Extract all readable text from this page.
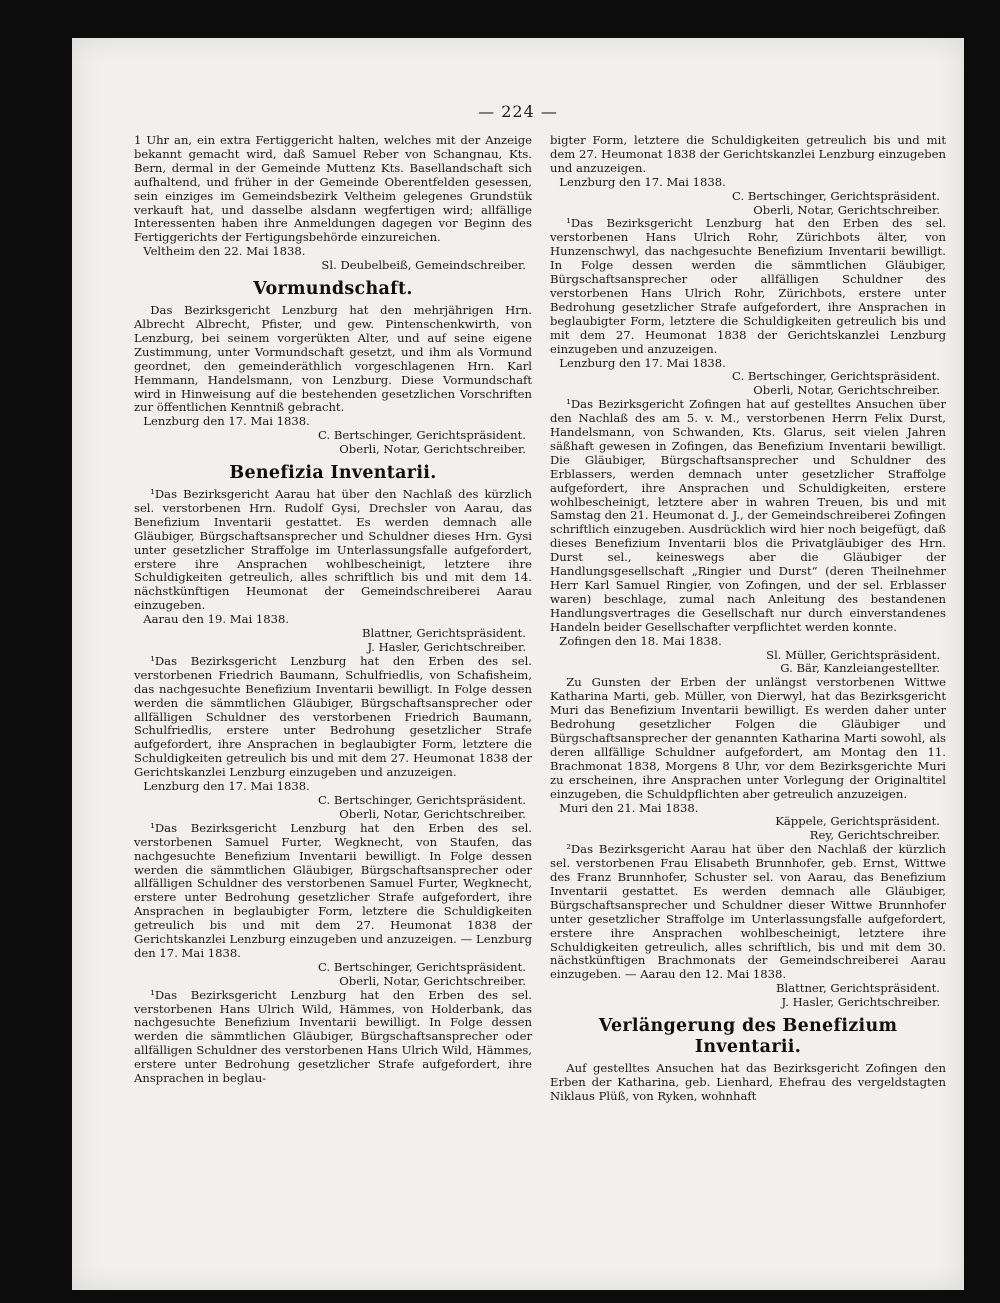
— 224 —

1 Uhr an, ein extra Fertiggericht halten, welches mit der Anzeige bekannt gemacht wird, daß Samuel Reber von Schangnau, Kts. Bern, dermal in der Gemeinde Muttenz Kts. Basellandschaft sich aufhaltend, und früher in der Gemeinde Oberentfelden gesessen, sein einziges im Gemeindsbezirk Veltheim gelegenes Grundstük verkauft hat, und dasselbe alsdann wegfertigen wird; allfällige Interessenten haben ihre Anmeldungen dagegen vor Beginn des Fertiggerichts der Fertigungsbehörde einzureichen.

Veltheim den 22. Mai 1838.

Sl. Deubelbeiß, Gemeindschreiber.

Vormundschaft.

Das Bezirksgericht Lenzburg hat den mehrjährigen Hrn. Albrecht Albrecht, Pfister, und gew. Pintenschenkwirth, von Lenzburg, bei seinem vorgerükten Alter, und auf seine eigene Zustimmung, unter Vormundschaft gesetzt, und ihm als Vormund geordnet, den gemeinderäthlich vorgeschlagenen Hrn. Karl Hemmann, Handelsmann, von Lenzburg. Diese Vormundschaft wird in Hinweisung auf die bestehenden gesetzlichen Vorschriften zur öffentlichen Kenntniß gebracht.

Lenzburg den 17. Mai 1838.

C. Bertschinger, Gerichtspräsident.

Oberli, Notar, Gerichtschreiber.

Benefizia Inventarii.

¹Das Bezirksgericht Aarau hat über den Nachlaß des kürzlich sel. verstorbenen Hrn. Rudolf Gysi, Drechsler von Aarau, das Benefizium Inventarii gestattet. Es werden demnach alle Gläubiger, Bürgschaftsansprecher und Schuldner dieses Hrn. Gysi unter gesetzlicher Straffolge im Unterlassungsfalle aufgefordert, erstere ihre Ansprachen wohlbescheinigt, letztere ihre Schuldigkeiten getreulich, alles schriftlich bis und mit dem 14. nächstkünftigen Heumonat der Gemeindschreiberei Aarau einzugeben.

Aarau den 19. Mai 1838.

Blattner, Gerichtspräsident.

J. Hasler, Gerichtschreiber.

¹Das Bezirksgericht Lenzburg hat den Erben des sel. verstorbenen Friedrich Baumann, Schulfriedlis, von Schafisheim, das nachgesuchte Benefizium Inventarii bewilligt. In Folge dessen werden die sämmtlichen Gläubiger, Bürgschaftsansprecher oder allfälligen Schuldner des verstorbenen Friedrich Baumann, Schulfriedlis, erstere unter Bedrohung gesetzlicher Strafe aufgefordert, ihre Ansprachen in beglaubigter Form, letztere die Schuldigkeiten getreulich bis und mit dem 27. Heumonat 1838 der Gerichtskanzlei Lenzburg einzugeben und anzuzeigen.

Lenzburg den 17. Mai 1838.

C. Bertschinger, Gerichtspräsident.

Oberli, Notar, Gerichtschreiber.

¹Das Bezirksgericht Lenzburg hat den Erben des sel. verstorbenen Samuel Furter, Wegknecht, von Staufen, das nachgesuchte Benefizium Inventarii bewilligt. In Folge dessen werden die sämmtlichen Gläubiger, Bürgschaftsansprecher oder allfälligen Schuldner des verstorbenen Samuel Furter, Wegknecht, erstere unter Bedrohung gesetzlicher Strafe aufgefordert, ihre Ansprachen in beglaubigter Form, letztere die Schuldigkeiten getreulich bis und mit dem 27. Heumonat 1838 der Gerichtskanzlei Lenzburg einzugeben und anzuzeigen. — Lenzburg den 17. Mai 1838.

C. Bertschinger, Gerichtspräsident.

Oberli, Notar, Gerichtschreiber.

¹Das Bezirksgericht Lenzburg hat den Erben des sel. verstorbenen Hans Ulrich Wild, Hämmes, von Holderbank, das nachgesuchte Benefizium Inventarii bewilligt. In Folge dessen werden die sämmtlichen Gläubiger, Bürgschaftsansprecher oder allfälligen Schuldner des verstorbenen Hans Ulrich Wild, Hämmes, erstere unter Bedrohung gesetzlicher Strafe aufgefordert, ihre Ansprachen in beglau-

bigter Form, letztere die Schuldigkeiten getreulich bis und mit dem 27. Heumonat 1838 der Gerichtskanzlei Lenzburg einzugeben und anzuzeigen.

Lenzburg den 17. Mai 1838.

C. Bertschinger, Gerichtspräsident.

Oberli, Notar, Gerichtschreiber.

¹Das Bezirksgericht Lenzburg hat den Erben des sel. verstorbenen Hans Ulrich Rohr, Zürichbots älter, von Hunzenschwyl, das nachgesuchte Benefizium Inventarii bewilligt. In Folge dessen werden die sämmtlichen Gläubiger, Bürgschaftsansprecher oder allfälligen Schuldner des verstorbenen Hans Ulrich Rohr, Zürichbots, erstere unter Bedrohung gesetzlicher Strafe aufgefordert, ihre Ansprachen in beglaubigter Form, letztere die Schuldigkeiten getreulich bis und mit dem 27. Heumonat 1838 der Gerichtskanzlei Lenzburg einzugeben und anzuzeigen.

Lenzburg den 17. Mai 1838.

C. Bertschinger, Gerichtspräsident.

Oberli, Notar, Gerichtschreiber.

¹Das Bezirksgericht Zofingen hat auf gestelltes Ansuchen über den Nachlaß des am 5. v. M., verstorbenen Herrn Felix Durst, Handelsmann, von Schwanden, Kts. Glarus, seit vielen Jahren säßhaft gewesen in Zofingen, das Benefizium Inventarii bewilligt. Die Gläubiger, Bürgschaftsansprecher und Schuldner des Erblassers, werden demnach unter gesetzlicher Straffolge aufgefordert, ihre Ansprachen und Schuldigkeiten, erstere wohlbescheinigt, letztere aber in wahren Treuen, bis und mit Samstag den 21. Heumonat d. J., der Gemeindschreiberei Zofingen schriftlich einzugeben. Ausdrücklich wird hier noch beigefügt, daß dieses Benefizium Inventarii blos die Privatgläubiger des Hrn. Durst sel., keineswegs aber die Gläubiger der Handlungsgesellschaft „Ringier und Durst“ (deren Theilnehmer Herr Karl Samuel Ringier, von Zofingen, und der sel. Erblasser waren) beschlage, zumal nach Anleitung des bestandenen Handlungsvertrages die Gesellschaft nur durch einverstandenes Handeln beider Gesellschafter verpflichtet werden konnte.

Zofingen den 18. Mai 1838.

Sl. Müller, Gerichtspräsident.

G. Bär, Kanzleiangestellter.

Zu Gunsten der Erben der unlängst verstorbenen Wittwe Katharina Marti, geb. Müller, von Dierwyl, hat das Bezirksgericht Muri das Benefizium Inventarii bewilligt. Es werden daher unter Bedrohung gesetzlicher Folgen die Gläubiger und Bürgschaftsansprecher der genannten Katharina Marti sowohl, als deren allfällige Schuldner aufgefordert, am Montag den 11. Brachmonat 1838, Morgens 8 Uhr, vor dem Bezirksgerichte Muri zu erscheinen, ihre Ansprachen unter Vorlegung der Originaltitel einzugeben, die Schuldpflichten aber getreulich anzuzeigen.

Muri den 21. Mai 1838.

Käppele, Gerichtspräsident.

Rey, Gerichtschreiber.

²Das Bezirksgericht Aarau hat über den Nachlaß der kürzlich sel. verstorbenen Frau Elisabeth Brunnhofer, geb. Ernst, Wittwe des Franz Brunnhofer, Schuster sel. von Aarau, das Benefizium Inventarii gestattet. Es werden demnach alle Gläubiger, Bürgschaftsansprecher und Schuldner dieser Wittwe Brunnhofer unter gesetzlicher Straffolge im Unterlassungsfalle aufgefordert, erstere ihre Ansprachen wohlbescheinigt, letztere ihre Schuldigkeiten getreulich, alles schriftlich, bis und mit dem 30. nächstkünftigen Brachmonats der Gemeindschreiberei Aarau einzugeben. — Aarau den 12. Mai 1838.

Blattner, Gerichtspräsident.

J. Hasler, Gerichtschreiber.

Verlängerung des Benefizium Inventarii.

Auf gestelltes Ansuchen hat das Bezirksgericht Zofingen den Erben der Katharina, geb. Lienhard, Ehefrau des vergeldstagten Niklaus Plüß, von Ryken, wohnhaft
